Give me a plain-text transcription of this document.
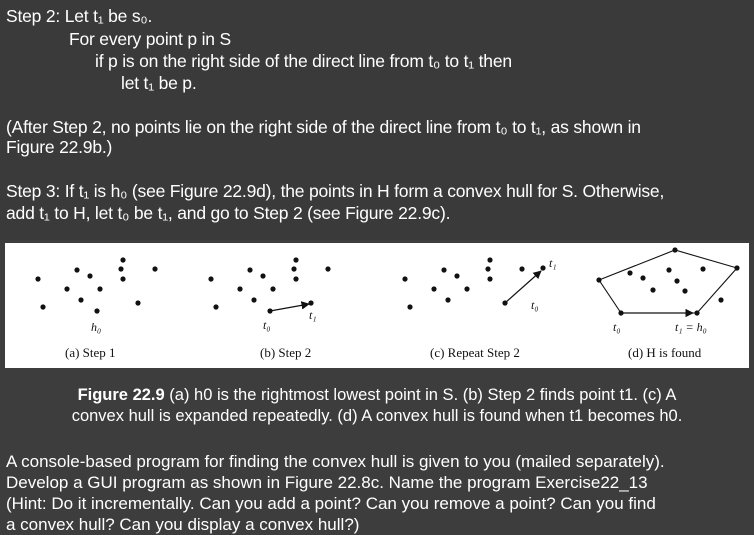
Step 2: Let t₁ be s₀.
For every point p in S
if p is on the right side of the direct line from t₀ to t₁ then
let t₁ be p.
(After Step 2, no points lie on the right side of the direct line from t₀ to t₁, as shown in
Figure 22.9b.)
Step 3: If t₁ is h₀ (see Figure 22.9d), the points in H form a convex hull for S. Otherwise,
add t₁ to H, let t₀ be t₁, and go to Step 2 (see Figure 22.9c).
h₀
(a) Step 1
t₀
t₁
(b) Step 2
t₁
t₀
(c) Repeat Step 2
t₀	t₁ = h₀
(d) H is found
Figure 22.9 (a) h0 is the rightmost lowest point in S. (b) Step 2 finds point t1. (c) A
convex hull is expanded repeatedly. (d) A convex hull is found when t1 becomes h0.
A console-based program for finding the convex hull is given to you (mailed separately).
Develop a GUI program as shown in Figure 22.8c. Name the program Exercise22_13
(Hint: Do it incrementally. Can you add a point? Can you remove a point? Can you find
a convex hull? Can you display a convex hull?)
